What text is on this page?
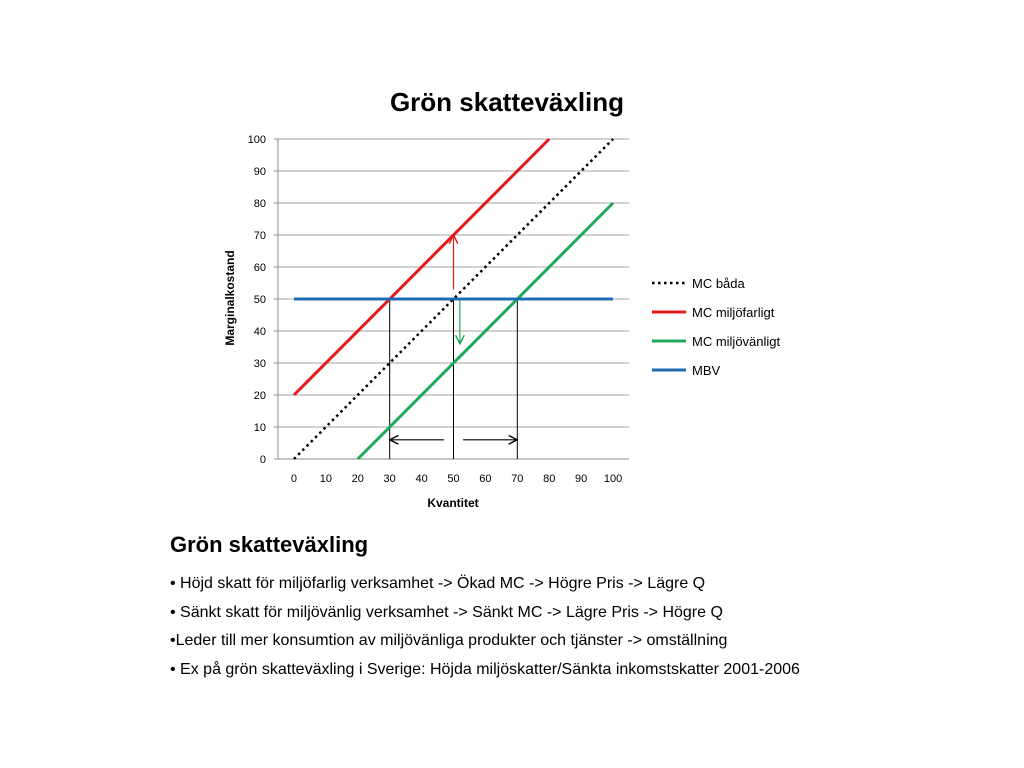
Grön skatteväxling
0
10
20
30
40
50
60
70
80
90
100
0 10 20 30 40 50 60 70 80 90 100
Kvantitet
Marginalkostand	MC båda
MC miljöfarligt
MC miljövänligt
MBV
Grön skatteväxling
• Höjd skatt för miljöfarlig verksamhet -> Ökad MC -> Högre Pris -> Lägre Q
• Sänkt skatt för miljövänlig verksamhet -> Sänkt MC -> Lägre Pris -> Högre Q
•Leder till mer konsumtion av miljövänliga produkter och tjänster -> omställning
• Ex på grön skatteväxling i Sverige: Höjda miljöskatter/Sänkta inkomstskatter 2001-2006
